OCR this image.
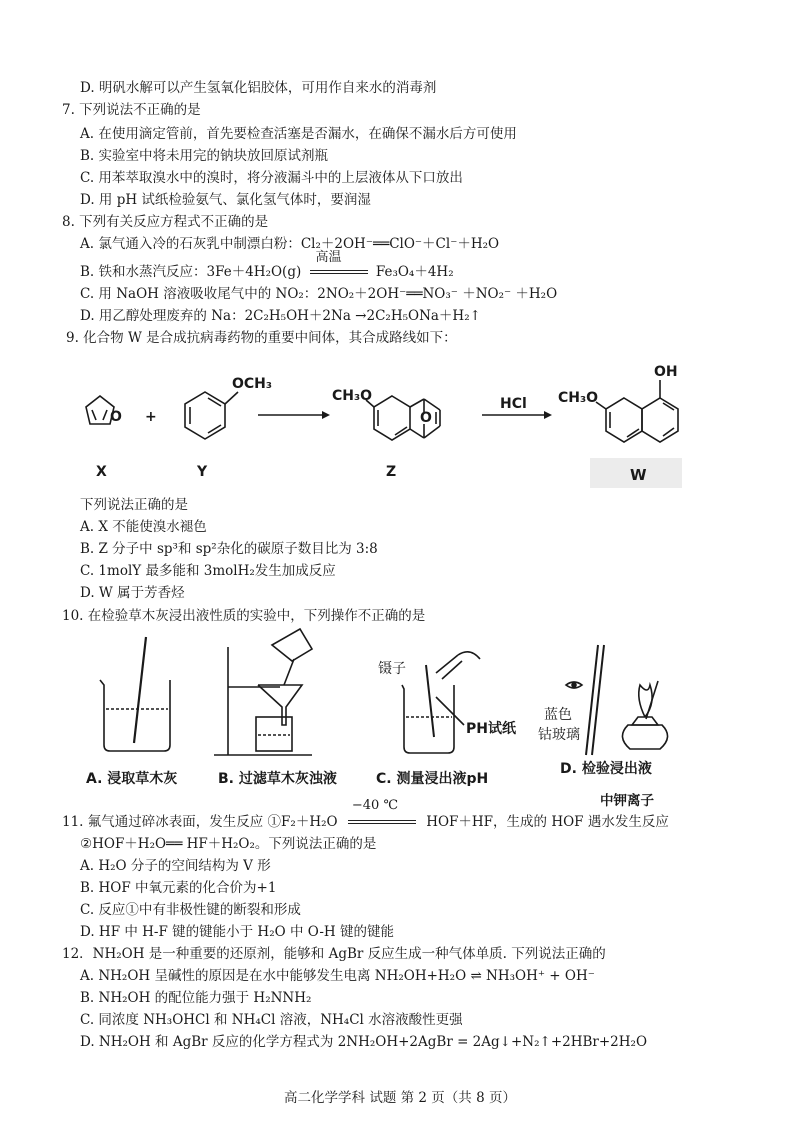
D. 明矾水解可以产生氢氧化铝胶体，可用作自来水的消毒剂
7. 下列说法不正确的是
A. 在使用滴定管前，首先要检查活塞是否漏水，在确保不漏水后方可使用
B. 实验室中将未用完的钠块放回原试剂瓶
C. 用苯萃取溴水中的溴时，将分液漏斗中的上层液体从下口放出
D. 用 pH 试纸检验氨气、氯化氢气体时，要润湿
8. 下列有关反应方程式不正确的是
A. 氯气通入冷的石灰乳中制漂白粉：Cl₂＋2OH⁻══ClO⁻＋Cl⁻＋H₂O
B. 铁和水蒸汽反应：3Fe＋4H₂O(g)
高温
Fe₃O₄＋4H₂
C. 用 NaOH 溶液吸收尾气中的 NO₂：2NO₂＋2OH⁻══NO₃⁻ ＋NO₂⁻ ＋H₂O
D. 用乙醇处理废弃的 Na：2C₂H₅OH＋2Na →2C₂H₅ONa＋H₂↑
9. 化合物 W 是合成抗病毒药物的重要中间体，其合成路线如下：
O +
OCH₃
CH₃O
O
HCl CH₃O
OH
X	Y	Z	W
下列说法正确的是
A. X 不能使溴水褪色
B. Z 分子中 sp³和 sp²杂化的碳原子数目比为 3:8
C. 1molY 最多能和 3molH₂发生加成反应
D. W 属于芳香烃
10. 在检验草木灰浸出液性质的实验中，下列操作不正确的是
镊子
PH试纸
蓝色
钴玻璃
A. 浸取草木灰	B. 过滤草木灰浊液	C. 测量浸出液pH
D. 检验浸出液
中钾离子
11. 氟气通过碎冰表面，发生反应 ①F₂＋H₂O
−40 ℃
HOF＋HF，生成的 HOF 遇水发生反应
②HOF＋H₂O══ HF＋H₂O₂。下列说法正确的是
A. H₂O 分子的空间结构为 V 形
B. HOF 中氧元素的化合价为+1
C. 反应①中有非极性键的断裂和形成
D. HF 中 H-F 键的键能小于 H₂O 中 O-H 键的键能
12．NH₂OH 是一种重要的还原剂，能够和 AgBr 反应生成一种气体单质. 下列说法正确的
A. NH₂OH 呈碱性的原因是在水中能够发生电离 NH₂OH+H₂O ⇌ NH₃OH⁺ + OH⁻
B. NH₂OH 的配位能力强于 H₂NNH₂
C. 同浓度 NH₃OHCl 和 NH₄Cl 溶液，NH₄Cl 水溶液酸性更强
D. NH₂OH 和 AgBr 反应的化学方程式为 2NH₂OH+2AgBr = 2Ag↓+N₂↑+2HBr+2H₂O
高二化学学科 试题 第 2 页（共 8 页）
